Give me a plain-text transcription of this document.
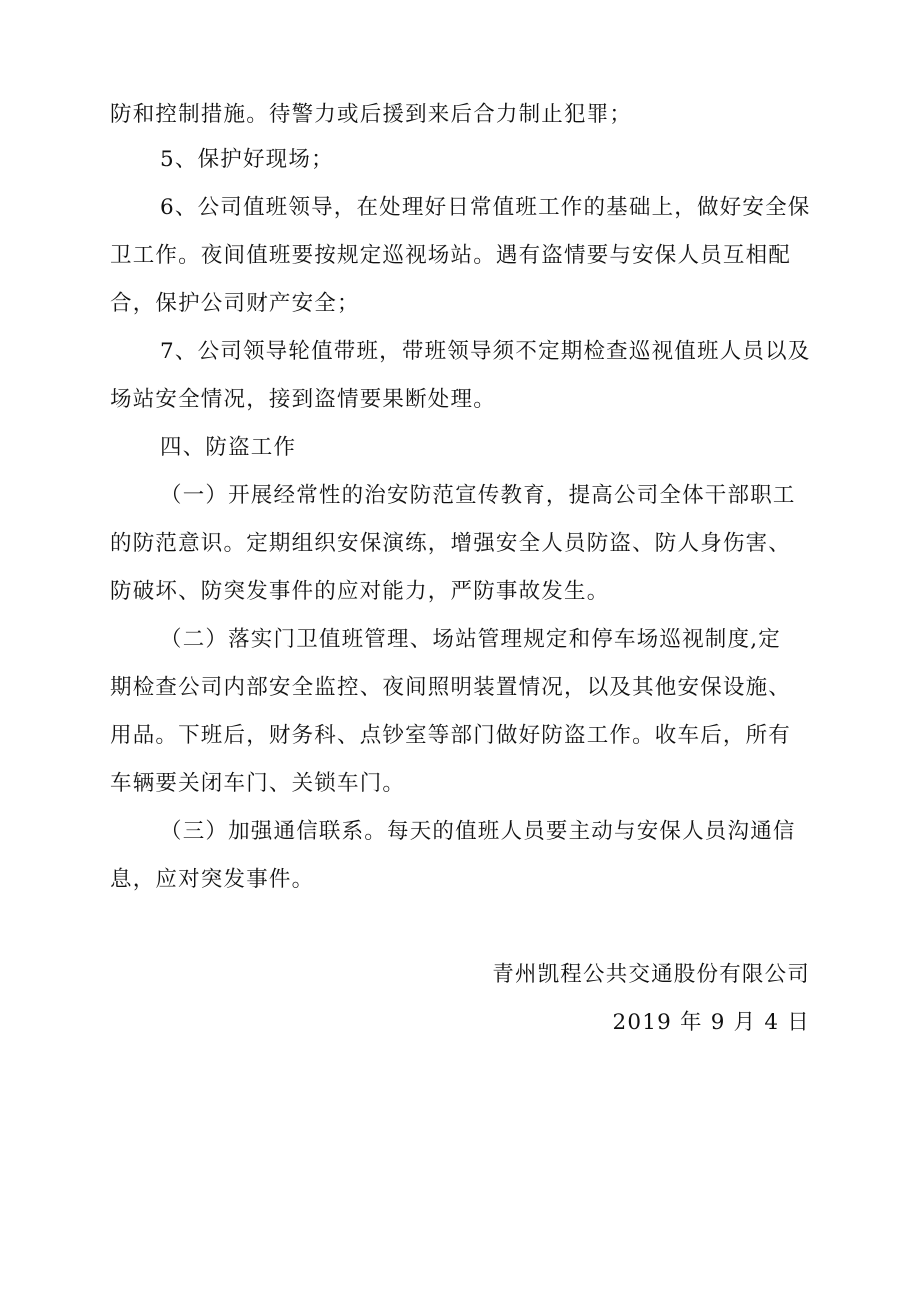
防和控制措施。待警力或后援到来后合力制止犯罪；
5、保护好现场；
6、公司值班领导，在处理好日常值班工作的基础上，做好安全保
卫工作。夜间值班要按规定巡视场站。遇有盗情要与安保人员互相配
合，保护公司财产安全；
7、公司领导轮值带班，带班领导须不定期检查巡视值班人员以及
场站安全情况，接到盗情要果断处理。
四、防盗工作
（一）开展经常性的治安防范宣传教育，提高公司全体干部职工
的防范意识。定期组织安保演练，增强安全人员防盗、防人身伤害、
防破坏、防突发事件的应对能力，严防事故发生。
（二）落实门卫值班管理、场站管理规定和停车场巡视制度,定
期检查公司内部安全监控、夜间照明装置情况，以及其他安保设施、
用品。下班后，财务科、点钞室等部门做好防盗工作。收车后，所有
车辆要关闭车门、关锁车门。
（三）加强通信联系。每天的值班人员要主动与安保人员沟通信
息，应对突发事件。
青州凯程公共交通股份有限公司
2019 年 9 月 4 日
